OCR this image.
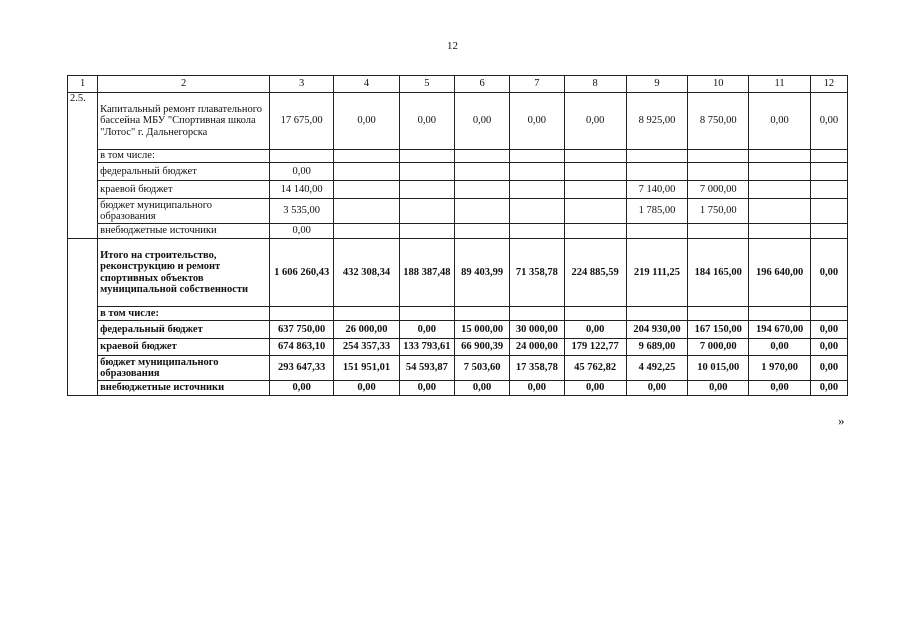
12
1	2	3	4	5	6	7	8	9	10	11	12
2.5.	Капитальный ремонт плавательного бассейна МБУ "Спортивная школа "Лотос" г. Дальнегорска	17 675,00	0,00	0,00	0,00	0,00	0,00	8 925,00	8 750,00	0,00	0,00
	в том числе:										
	федеральный бюджет	0,00									
	краевой бюджет	14 140,00						7 140,00	7 000,00		
	бюджет муниципального образования	3 535,00						1 785,00	1 750,00		
	внебюджетные источники	0,00									
	Итого на строительство, реконструкцию и ремонт спортивных объектов муниципальной собственности	1 606 260,43	432 308,34	188 387,48	89 403,99	71 358,78	224 885,59	219 111,25	184 165,00	196 640,00	0,00
	в том числе:										
	федеральный бюджет	637 750,00	26 000,00	0,00	15 000,00	30 000,00	0,00	204 930,00	167 150,00	194 670,00	0,00
	краевой бюджет	674 863,10	254 357,33	133 793,61	66 900,39	24 000,00	179 122,77	9 689,00	7 000,00	0,00	0,00
	бюджет муниципального образования	293 647,33	151 951,01	54 593,87	7 503,60	17 358,78	45 762,82	4 492,25	10 015,00	1 970,00	0,00
	внебюджетные источники	0,00	0,00	0,00	0,00	0,00	0,00	0,00	0,00	0,00	0,00
»
